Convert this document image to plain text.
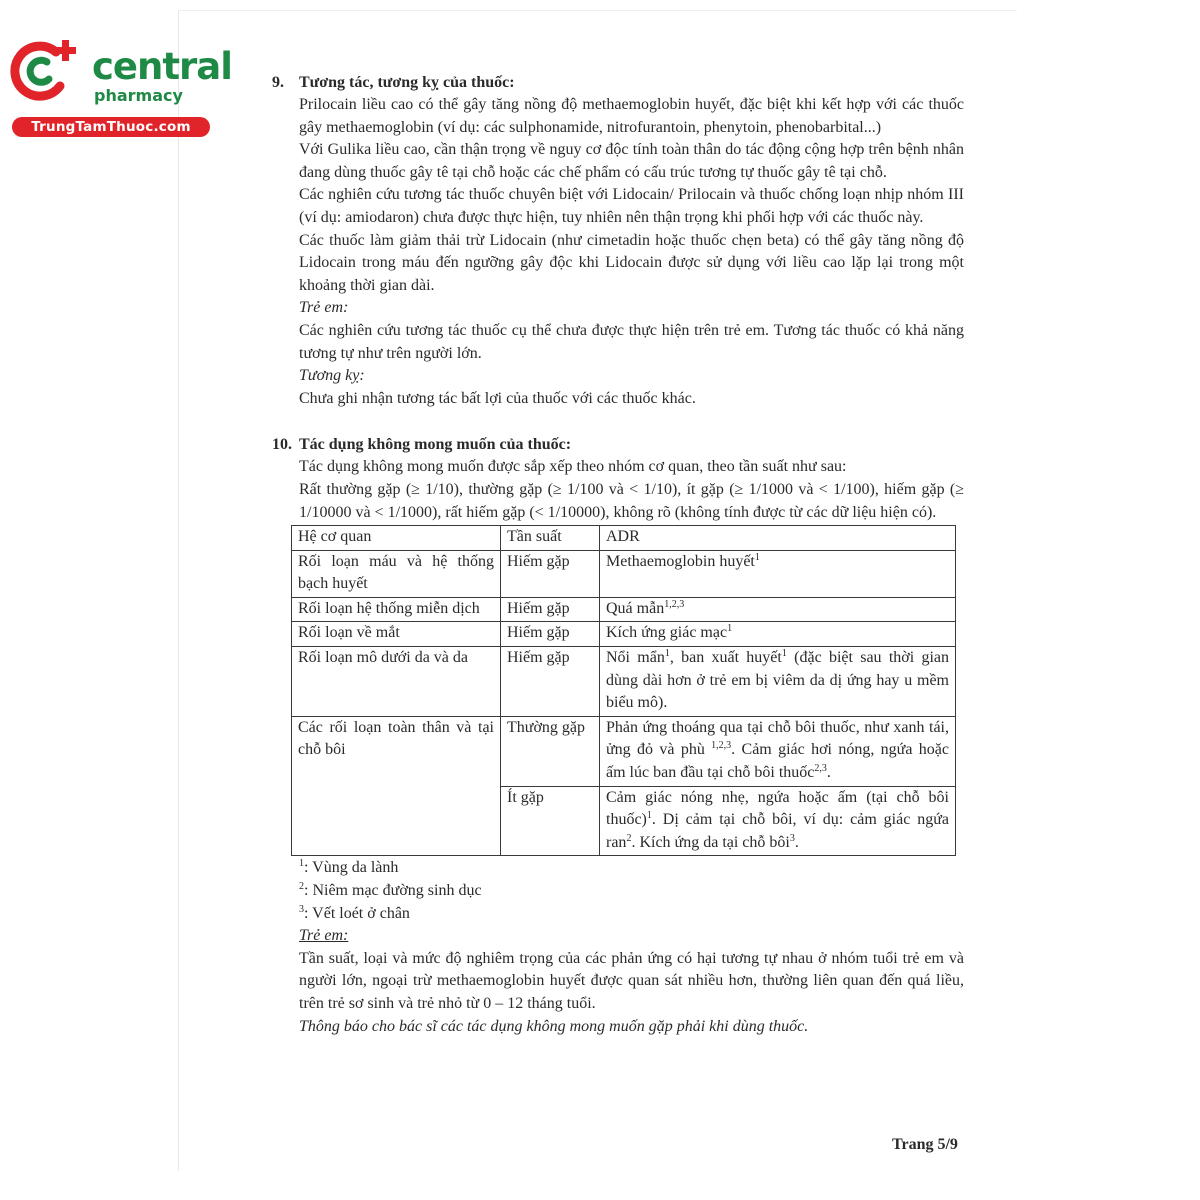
central
pharmacy
TrungTamThuoc.com
9. Tương tác, tương kỵ của thuốc:

Prilocain liều cao có thể gây tăng nồng độ methaemoglobin huyết, đặc biệt khi kết hợp với các thuốc gây methaemoglobin (ví dụ: các sulphonamide, nitrofurantoin, phenytoin, phenobarbital...)

Với Gulika liều cao, cần thận trọng về nguy cơ độc tính toàn thân do tác động cộng hợp trên bệnh nhân đang dùng thuốc gây tê tại chỗ hoặc các chế phẩm có cấu trúc tương tự thuốc gây tê tại chỗ.

Các nghiên cứu tương tác thuốc chuyên biệt với Lidocain/ Prilocain và thuốc chống loạn nhịp nhóm III (ví dụ: amiodaron) chưa được thực hiện, tuy nhiên nên thận trọng khi phối hợp với các thuốc này.

Các thuốc làm giảm thải trừ Lidocain (như cimetadin hoặc thuốc chẹn beta) có thể gây tăng nồng độ Lidocain trong máu đến ngưỡng gây độc khi Lidocain được sử dụng với liều cao lặp lại trong một khoảng thời gian dài.

Trẻ em:

Các nghiên cứu tương tác thuốc cụ thể chưa được thực hiện trên trẻ em. Tương tác thuốc có khả năng tương tự như trên người lớn.

Tương kỵ:

Chưa ghi nhận tương tác bất lợi của thuốc với các thuốc khác.

10. Tác dụng không mong muốn của thuốc:

Tác dụng không mong muốn được sắp xếp theo nhóm cơ quan, theo tần suất như sau:

Rất thường gặp (≥ 1/10), thường gặp (≥ 1/100 và < 1/10), ít gặp (≥ 1/1000 và < 1/100), hiếm gặp (≥ 1/10000 và < 1/1000), rất hiếm gặp (< 1/10000), không rõ (không tính được từ các dữ liệu hiện có).

Hệ cơ quan	Tần suất	ADR
Rối loạn máu và hệ thống bạch huyết	Hiếm gặp	Methaemoglobin huyết$^1$
Rối loạn hệ thống miễn dịch	Hiếm gặp	Quá mẫn$^{1,2,3}$
Rối loạn về mắt	Hiếm gặp	Kích ứng giác mạc$^1$
Rối loạn mô dưới da và da	Hiếm gặp	Nổi mẩn$^1$, ban xuất huyết$^1$ (đặc biệt sau thời gian dùng dài hơn ở trẻ em bị viêm da dị ứng hay u mềm biểu mô).
Các rối loạn toàn thân và tại chỗ bôi	Thường gặp	Phản ứng thoáng qua tại chỗ bôi thuốc, như xanh tái, ửng đỏ và phù $^{1,2,3}$. Cảm giác hơi nóng, ngứa hoặc ấm lúc ban đầu tại chỗ bôi thuốc$^{2,3}$.
	Ít gặp	Cảm giác nóng nhẹ, ngứa hoặc ấm (tại chỗ bôi thuốc)$^1$. Dị cảm tại chỗ bôi, ví dụ: cảm giác ngứa ran$^2$. Kích ứng da tại chỗ bôi$^3$.
$^1$: Vùng da lành
$^2$: Niêm mạc đường sinh dục
$^3$: Vết loét ở chân

Trẻ em:

Tần suất, loại và mức độ nghiêm trọng của các phản ứng có hại tương tự nhau ở nhóm tuổi trẻ em và người lớn, ngoại trừ methaemoglobin huyết được quan sát nhiều hơn, thường liên quan đến quá liều, trên trẻ sơ sinh và trẻ nhỏ từ 0 – 12 tháng tuổi.

Thông báo cho bác sĩ các tác dụng không mong muốn gặp phải khi dùng thuốc.

Trang 5/9
